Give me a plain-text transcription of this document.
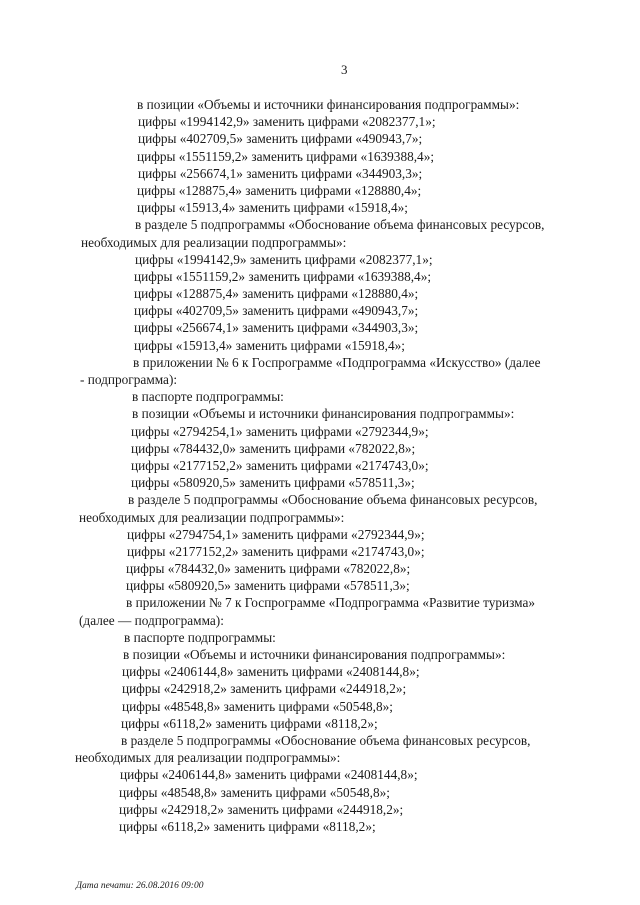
3
в позиции «Объемы и источники финансирования подпрограммы»:
цифры «1994142,9» заменить цифрами «2082377,1»;
цифры «402709,5» заменить цифрами «490943,7»;
цифры «1551159,2» заменить цифрами «1639388,4»;
цифры «256674,1» заменить цифрами «344903,3»;
цифры «128875,4» заменить цифрами «128880,4»;
цифры «15913,4» заменить цифрами «15918,4»;
в разделе 5 подпрограммы «Обоснование объема финансовых ресурсов,
необходимых для реализации подпрограммы»:
цифры «1994142,9» заменить цифрами «2082377,1»;
цифры «1551159,2» заменить цифрами «1639388,4»;
цифры «128875,4» заменить цифрами «128880,4»;
цифры «402709,5» заменить цифрами «490943,7»;
цифры «256674,1» заменить цифрами «344903,3»;
цифры «15913,4» заменить цифрами «15918,4»;
в приложении № 6 к Госпрограмме «Подпрограмма «Искусство» (далее
- подпрограмма):
в паспорте подпрограммы:
в позиции «Объемы и источники финансирования подпрограммы»:
цифры «2794254,1» заменить цифрами «2792344,9»;
цифры «784432,0» заменить цифрами «782022,8»;
цифры «2177152,2» заменить цифрами «2174743,0»;
цифры «580920,5» заменить цифрами «578511,3»;
в разделе 5 подпрограммы «Обоснование объема финансовых ресурсов,
необходимых для реализации подпрограммы»:
цифры «2794754,1» заменить цифрами «2792344,9»;
цифры «2177152,2» заменить цифрами «2174743,0»;
цифры «784432,0» заменить цифрами «782022,8»;
цифры «580920,5» заменить цифрами «578511,3»;
в приложении № 7 к Госпрограмме «Подпрограмма «Развитие туризма»
(далее — подпрограмма):
в паспорте подпрограммы:
в позиции «Объемы и источники финансирования подпрограммы»:
цифры «2406144,8» заменить цифрами «2408144,8»;
цифры «242918,2» заменить цифрами «244918,2»;
цифры «48548,8» заменить цифрами «50548,8»;
цифры «6118,2» заменить цифрами «8118,2»;
в разделе 5 подпрограммы «Обоснование объема финансовых ресурсов,
необходимых для реализации подпрограммы»:
цифры «2406144,8» заменить цифрами «2408144,8»;
цифры «48548,8» заменить цифрами «50548,8»;
цифры «242918,2» заменить цифрами «244918,2»;
цифры «6118,2» заменить цифрами «8118,2»;
Дата печати: 26.08.2016 09:00
